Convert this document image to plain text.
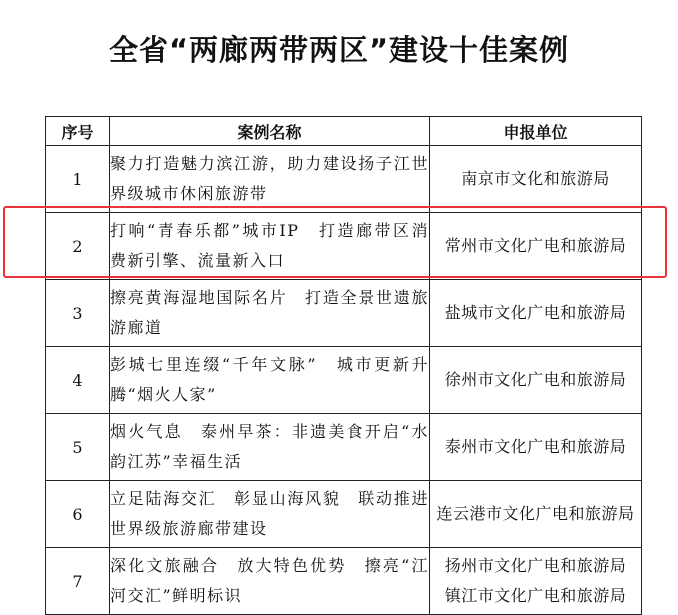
全省“两廊两带两区”建设十佳案例
序号	案例名称	申报单位
1	聚力打造魅力滨江游，助力建设扬子江世界级城市休闲旅游带	南京市文化和旅游局

2	打响“青春乐都”城市IP　打造廊带区消费新引擎、流量新入口	常州市文化广电和旅游局

3	擦亮黄海湿地国际名片　打造全景世遗旅游廊道	盐城市文化广电和旅游局

4	彭城七里连缀“千年文脉”　城市更新升腾“烟火人家”	徐州市文化广电和旅游局

5	烟火气息　泰州早茶：非遗美食开启“水韵江苏”幸福生活	泰州市文化广电和旅游局

6	立足陆海交汇　彰显山海风貌　联动推进世界级旅游廊带建设	连云港市文化广电和旅游局

7	深化文旅融合　放大特色优势　擦亮“江河交汇”鲜明标识	扬州市文化广电和旅游局
镇江市文化广电和旅游局
